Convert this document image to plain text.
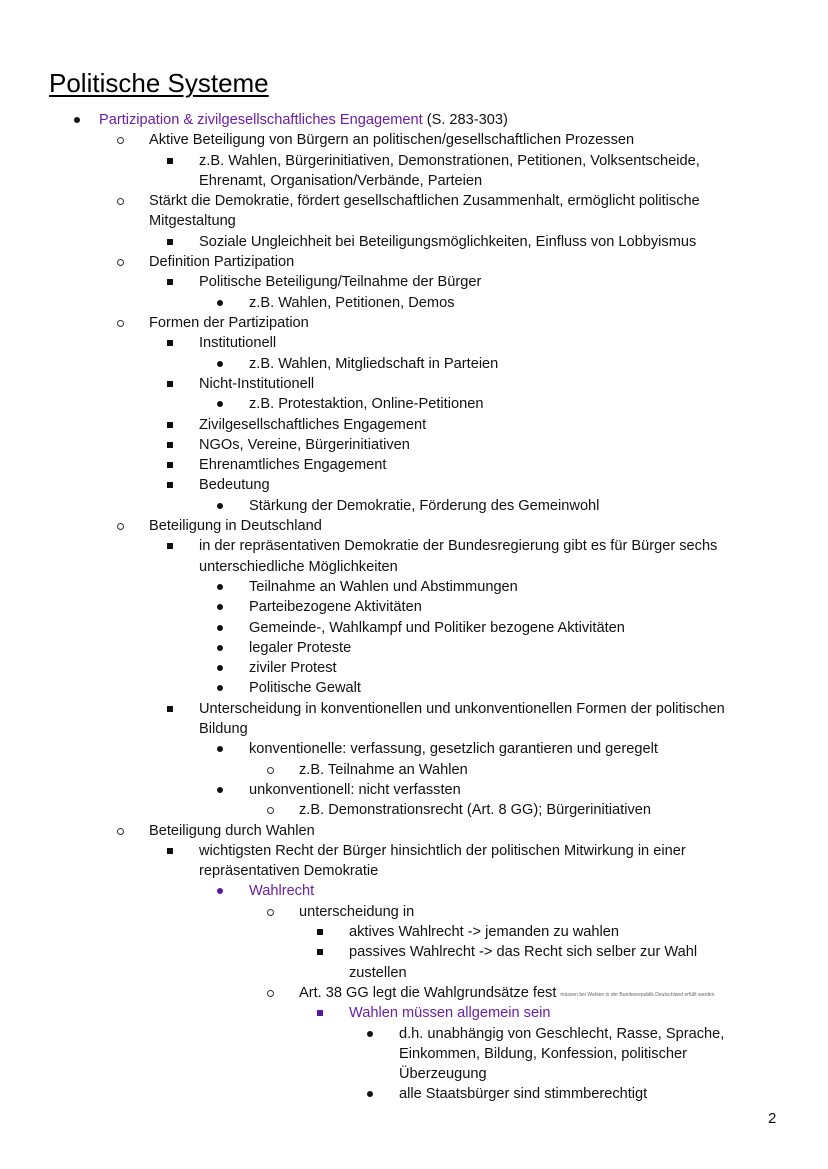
Politische Systeme
Partizipation & zivilgesellschaftliches Engagement (S. 283-303)
Aktive Beteiligung von Bürgern an politischen/gesellschaftlichen Prozessen
z.B. Wahlen, Bürgerinitiativen, Demonstrationen, Petitionen, Volksentscheide,
Ehrenamt, Organisation/Verbände, Parteien
Stärkt die Demokratie, fördert gesellschaftlichen Zusammenhalt, ermöglicht politische
Mitgestaltung
Soziale Ungleichheit bei Beteiligungsmöglichkeiten, Einfluss von Lobbyismus
Definition Partizipation
Politische Beteiligung/Teilnahme der Bürger
z.B. Wahlen, Petitionen, Demos
Formen der Partizipation
Institutionell
z.B. Wahlen, Mitgliedschaft in Parteien
Nicht-Institutionell
z.B. Protestaktion, Online-Petitionen
Zivilgesellschaftliches Engagement
NGOs, Vereine, Bürgerinitiativen
Ehrenamtliches Engagement
Bedeutung
Stärkung der Demokratie, Förderung des Gemeinwohl
Beteiligung in Deutschland
in der repräsentativen Demokratie der Bundesregierung gibt es für Bürger sechs
unterschiedliche Möglichkeiten
Teilnahme an Wahlen und Abstimmungen
Parteibezogene Aktivitäten
Gemeinde-, Wahlkampf und Politiker bezogene Aktivitäten
legaler Proteste
ziviler Protest
Politische Gewalt
Unterscheidung in konventionellen und unkonventionellen Formen der politischen
Bildung
konventionelle: verfassung, gesetzlich garantieren und geregelt
z.B. Teilnahme an Wahlen
unkonventionell: nicht verfassten
z.B. Demonstrationsrecht (Art. 8 GG); Bürgerinitiativen
Beteiligung durch Wahlen
wichtigsten Recht der Bürger hinsichtlich der politischen Mitwirkung in einer
repräsentativen Demokratie
Wahlrecht
unterscheidung in
aktives Wahlrecht -> jemanden zu wahlen
passives Wahlrecht -> das Recht sich selber zur Wahl
zustellen
Art. 38 GG legt die Wahlgrundsätze fest müssen bei Wahlen in der Bundesrepublik Deutschland erfüllt werden
Wahlen müssen allgemein sein
d.h. unabhängig von Geschlecht, Rasse, Sprache,
Einkommen, Bildung, Konfession, politischer
Überzeugung
alle Staatsbürger sind stimmberechtigt
2
